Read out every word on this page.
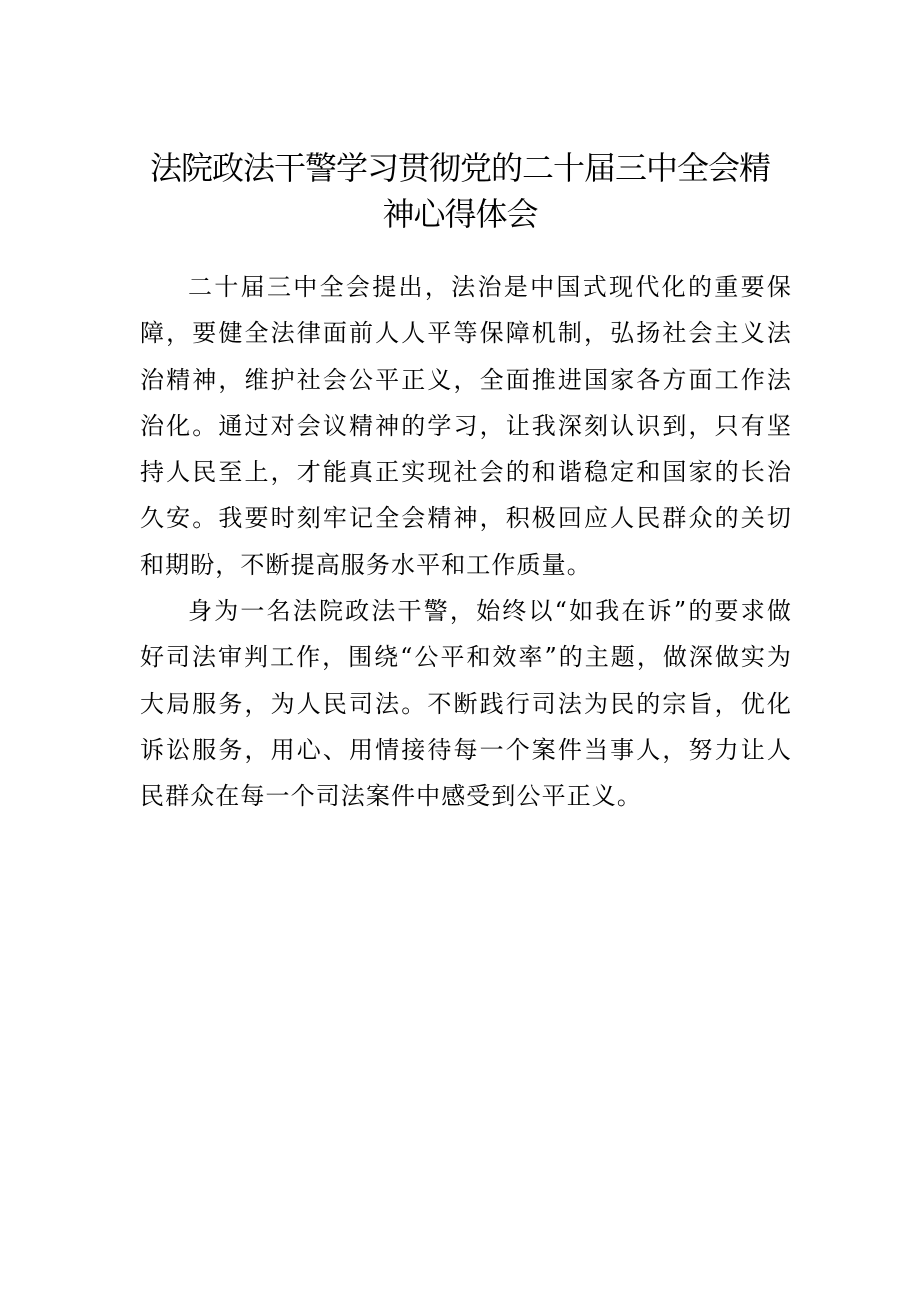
法院政法干警学习贯彻党的二十届三中全会精神心得体会

二十届三中全会提出，法治是中国式现代化的重要保障，要健全法律面前人人平等保障机制，弘扬社会主义法治精神，维护社会公平正义，全面推进国家各方面工作法治化。通过对会议精神的学习，让我深刻认识到，只有坚持人民至上，才能真正实现社会的和谐稳定和国家的长治久安。我要时刻牢记全会精神，积极回应人民群众的关切和期盼，不断提高服务水平和工作质量。

身为一名法院政法干警，始终以“如我在诉”的要求做好司法审判工作，围绕“公平和效率”的主题，做深做实为大局服务，为人民司法。不断践行司法为民的宗旨，优化诉讼服务，用心、用情接待每一个案件当事人，努力让人民群众在每一个司法案件中感受到公平正义。
